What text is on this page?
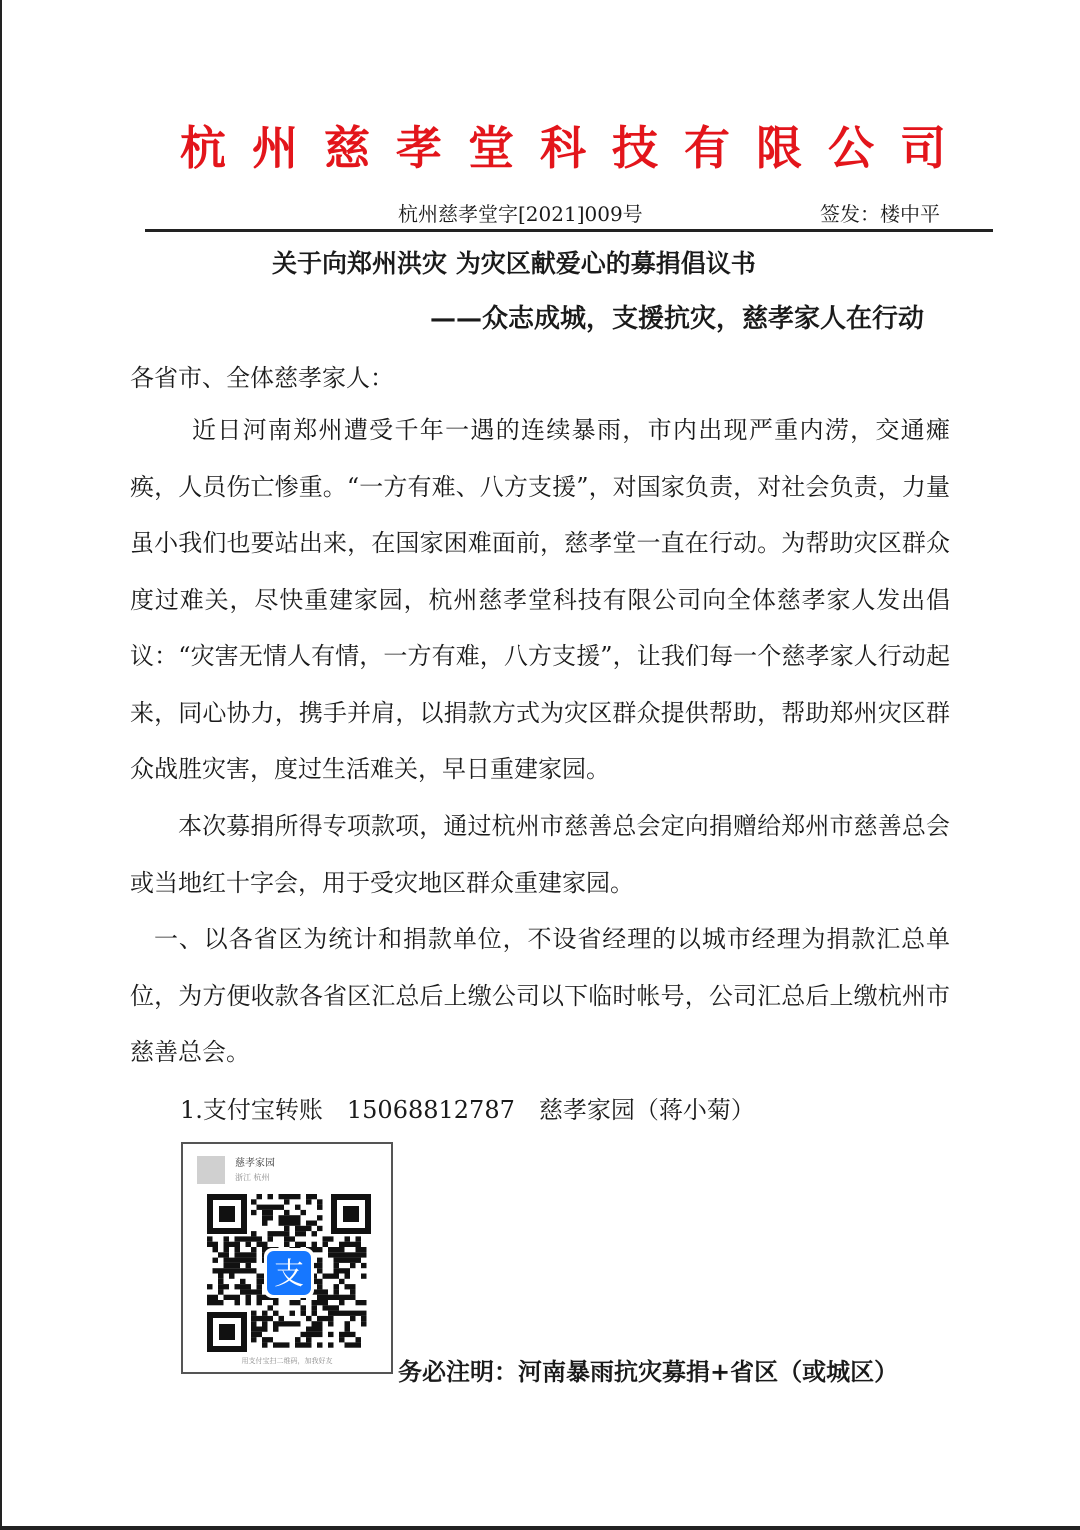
杭州慈孝堂科技有限公司
杭州慈孝堂字[2021]009号	签发：楼中平
关于向郑州洪灾 为灾区献爱心的募捐倡议书
——众志成城，支援抗灾，慈孝家人在行动
各省市、全体慈孝家人：
近日河南郑州遭受千年一遇的连续暴雨，市内出现严重内涝，交通瘫痪，人员伤亡惨重。“一方有难、八方支援”，对国家负责，对社会负责，力量虽小我们也要站出来，在国家困难面前，慈孝堂一直在行动。为帮助灾区群众度过难关，尽快重建家园，杭州慈孝堂科技有限公司向全体慈孝家人发出倡议：“灾害无情人有情，一方有难，八方支援”，让我们每一个慈孝家人行动起来，同心协力，携手并肩，以捐款方式为灾区群众提供帮助，帮助郑州灾区群众战胜灾害，度过生活难关，早日重建家园。
本次募捐所得专项款项，通过杭州市慈善总会定向捐赠给郑州市慈善总会或当地红十字会，用于受灾地区群众重建家园。
一、以各省区为统计和捐款单位，不设省经理的以城市经理为捐款汇总单位，为方便收款各省区汇总后上缴公司以下临时帐号，公司汇总后上缴杭州市慈善总会。
1.支付宝转账　15068812787　慈孝家园（蒋小菊）
慈孝家园
浙江 杭州
支
用支付宝扫二维码，加我好友	务必注明：河南暴雨抗灾募捐+省区（或城区）
